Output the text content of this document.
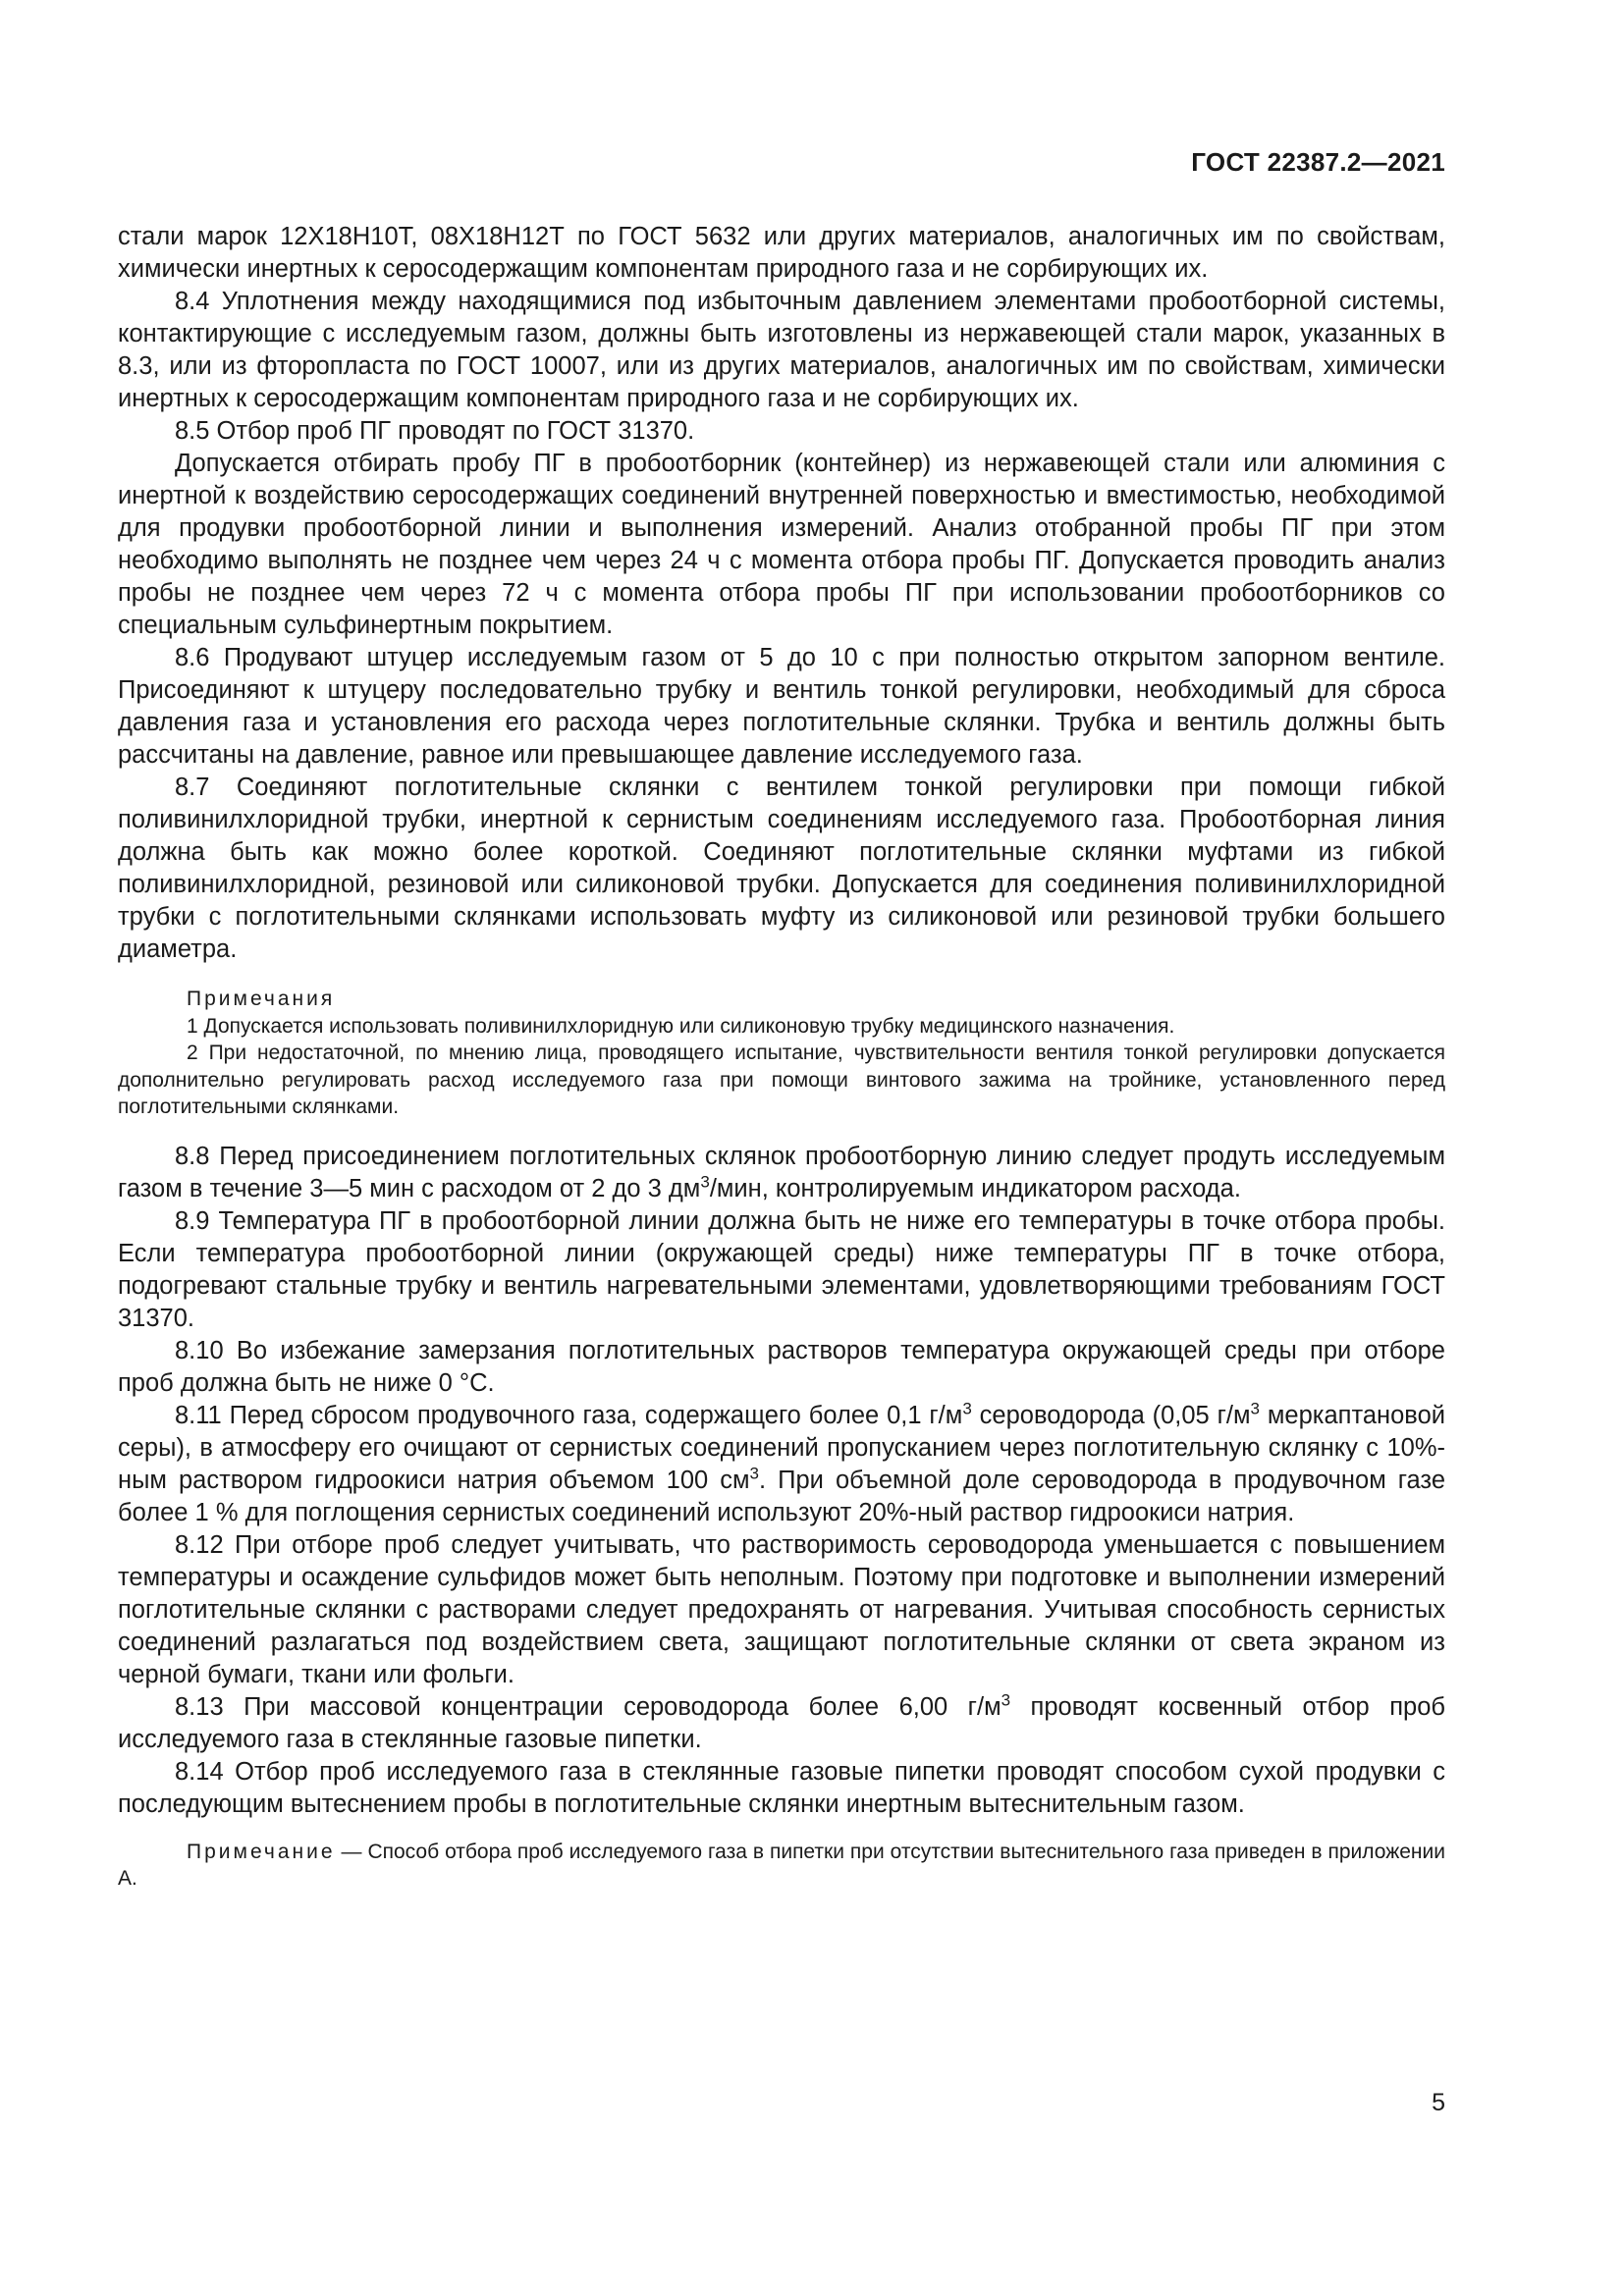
ГОСТ 22387.2—2021

стали марок 12Х18Н10Т, 08Х18Н12Т по ГОСТ 5632 или других материалов, аналогичных им по свойствам, химически инертных к серосодержащим компонентам природного газа и не сорбирующих их.

8.4 Уплотнения между находящимися под избыточным давлением элементами пробоотборной системы, контактирующие с исследуемым газом, должны быть изготовлены из нержавеющей стали марок, указанных в 8.3, или из фторопласта по ГОСТ 10007, или из других материалов, аналогичных им по свойствам, химически инертных к серосодержащим компонентам природного газа и не сорбирующих их.

8.5 Отбор проб ПГ проводят по ГОСТ 31370.

Допускается отбирать пробу ПГ в пробоотборник (контейнер) из нержавеющей стали или алюминия с инертной к воздействию серосодержащих соединений внутренней поверхностью и вместимостью, необходимой для продувки пробоотборной линии и выполнения измерений. Анализ отобранной пробы ПГ при этом необходимо выполнять не позднее чем через 24 ч с момента отбора пробы ПГ. Допускается проводить анализ пробы не позднее чем через 72 ч с момента отбора пробы ПГ при использовании пробоотборников со специальным сульфинертным покрытием.

8.6 Продувают штуцер исследуемым газом от 5 до 10 с при полностью открытом запорном вентиле. Присоединяют к штуцеру последовательно трубку и вентиль тонкой регулировки, необходимый для сброса давления газа и установления его расхода через поглотительные склянки. Трубка и вентиль должны быть рассчитаны на давление, равное или превышающее давление исследуемого газа.

8.7 Соединяют поглотительные склянки с вентилем тонкой регулировки при помощи гибкой поливинилхлоридной трубки, инертной к сернистым соединениям исследуемого газа. Пробоотборная линия должна быть как можно более короткой. Соединяют поглотительные склянки муфтами из гибкой поливинилхлоридной, резиновой или силиконовой трубки. Допускается для соединения поливинилхлоридной трубки с поглотительными склянками использовать муфту из силиконовой или резиновой трубки большего диаметра.

Примечания

1 Допускается использовать поливинилхлоридную или силиконовую трубку медицинского назначения.

2 При недостаточной, по мнению лица, проводящего испытание, чувствительности вентиля тонкой регулировки допускается дополнительно регулировать расход исследуемого газа при помощи винтового зажима на тройнике, установленного перед поглотительными склянками.

8.8 Перед присоединением поглотительных склянок пробоотборную линию следует продуть исследуемым газом в течение 3—5 мин с расходом от 2 до 3 $дм^3$/мин, контролируемым индикатором расхода.

8.9 Температура ПГ в пробоотборной линии должна быть не ниже его температуры в точке отбора пробы. Если температура пробоотборной линии (окружающей среды) ниже температуры ПГ в точке отбора, подогревают стальные трубку и вентиль нагревательными элементами, удовлетворяющими требованиям ГОСТ 31370.

8.10 Во избежание замерзания поглотительных растворов температура окружающей среды при отборе проб должна быть не ниже 0 °С.

8.11 Перед сбросом продувочного газа, содержащего более 0,1 $г/м^3$ сероводорода (0,05 $г/м^3$ меркаптановой серы), в атмосферу его очищают от сернистых соединений пропусканием через поглотительную склянку с 10%-ным раствором гидроокиси натрия объемом 100 $см^3$. При объемной доле сероводорода в продувочном газе более 1 % для поглощения сернистых соединений используют 20%-ный раствор гидроокиси натрия.

8.12 При отборе проб следует учитывать, что растворимость сероводорода уменьшается с повышением температуры и осаждение сульфидов может быть неполным. Поэтому при подготовке и выполнении измерений поглотительные склянки с растворами следует предохранять от нагревания. Учитывая способность сернистых соединений разлагаться под воздействием света, защищают поглотительные склянки от света экраном из черной бумаги, ткани или фольги.

8.13 При массовой концентрации сероводорода более 6,00 $г/м^3$ проводят косвенный отбор проб исследуемого газа в стеклянные газовые пипетки.

8.14 Отбор проб исследуемого газа в стеклянные газовые пипетки проводят способом сухой продувки с последующим вытеснением пробы в поглотительные склянки инертным вытеснительным газом.

Примечание — Способ отбора проб исследуемого газа в пипетки при отсутствии вытеснительного газа приведен в приложении А.

5
